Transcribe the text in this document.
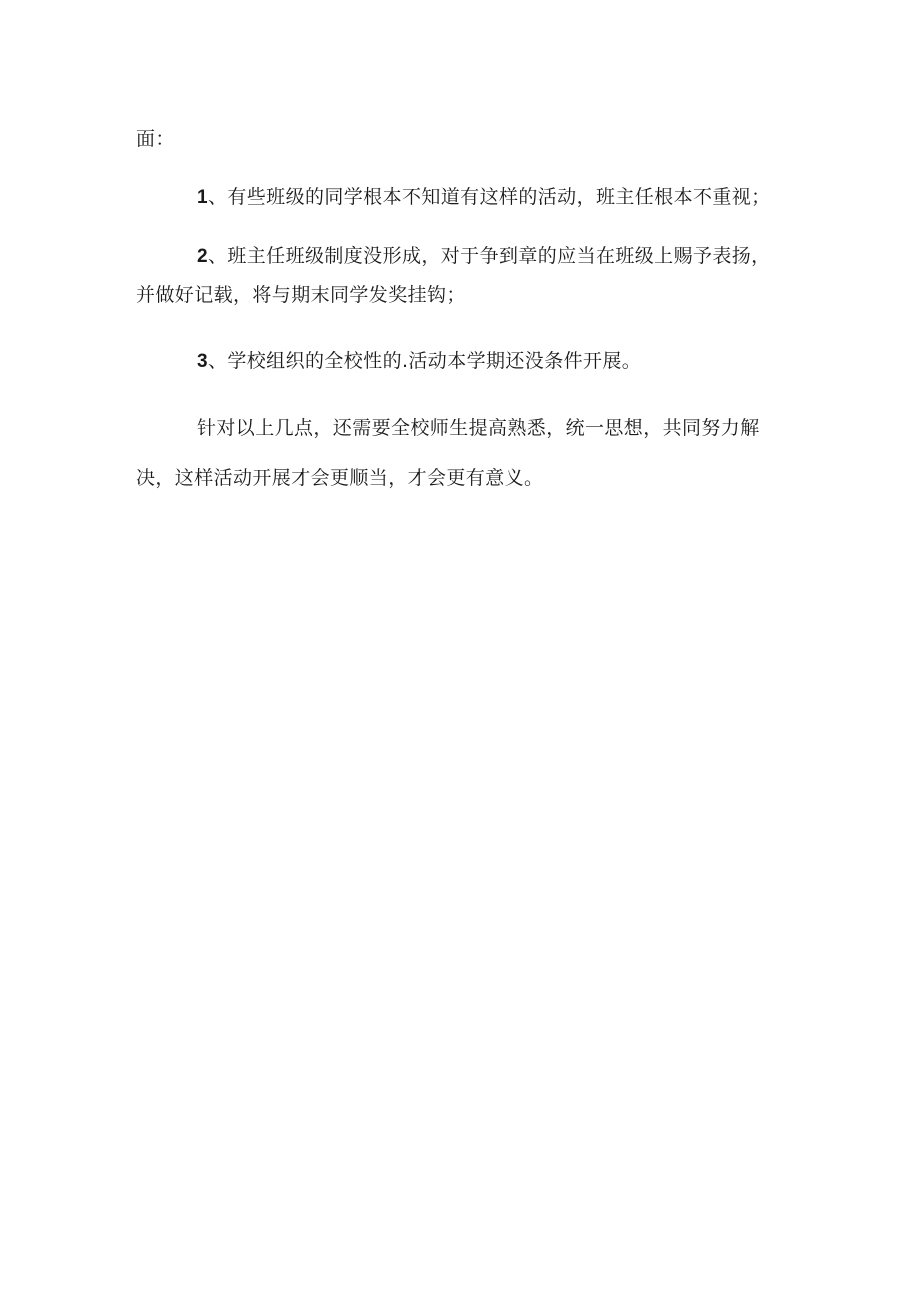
面：
1、有些班级的同学根本不知道有这样的活动，班主任根本不重视；
2、班主任班级制度没形成，对于争到章的应当在班级上赐予表扬，
并做好记载，将与期末同学发奖挂钩；
3、学校组织的全校性的.活动本学期还没条件开展。
针对以上几点，还需要全校师生提高熟悉，统一思想，共同努力解
决，这样活动开展才会更顺当，才会更有意义。
